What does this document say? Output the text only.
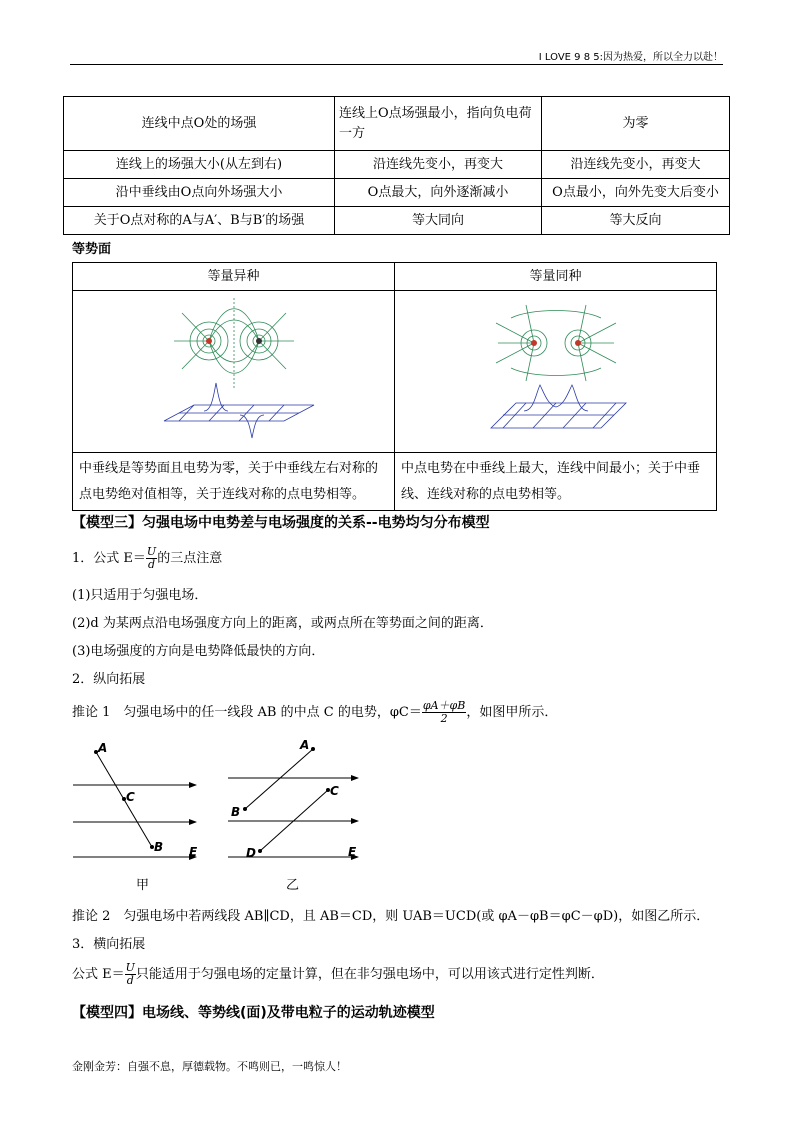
I LOVE 9 8 5:因为热爱，所以全力以赴！
连线中点O处的场强	连线上O点场强最小，指向负电荷一方	为零
连线上的场强大小(从左到右)	沿连线先变小，再变大	沿连线先变小，再变大
沿中垂线由O点向外场强大小	O点最大，向外逐渐减小	O点最小，向外先变大后变小
关于O点对称的A与A′、B与B′的场强	等大同向	等大反向
等势面
等量异种	等量同种

中垂线是等势面且电势为零，关于中垂线左右对称的点电势绝对值相等，关于连线对称的点电势相等。	中点电势在中垂线上最大，连线中间最小；关于中垂线、连线对称的点电势相等。
【模型三】匀强电场中电势差与电场强度的关系--电势均匀分布模型
1．公式 $E= \frac{U}{d}$ 的三点注意
(1)只适用于匀强电场．
(2)d 为某两点沿电场强度方向上的距离，或两点所在等势面之间的距离．
(3)电场强度的方向是电势降低最快的方向．
2．纵向拓展
推论 1　匀强电场中的任一线段 AB 的中点 C 的电势，$\varphi C= \frac{\varphi A+\varphi B}{2}$ ，如图甲所示．
A
C
B E
A
B
C
D	E
甲	乙
推论 2　匀强电场中若两线段 AB∥CD，且 AB＝CD，则 UAB＝UCD(或 φA－φB＝φC－φD)，如图乙所示．
3．横向拓展
公式 $E= \frac{U}{d}$ 只能适用于匀强电场的定量计算，但在非匀强电场中，可以用该式进行定性判断．
【模型四】电场线、等势线(面)及带电粒子的运动轨迹模型
金刚金芳：自强不息，厚德载物。不鸣则已，一鸣惊人！
